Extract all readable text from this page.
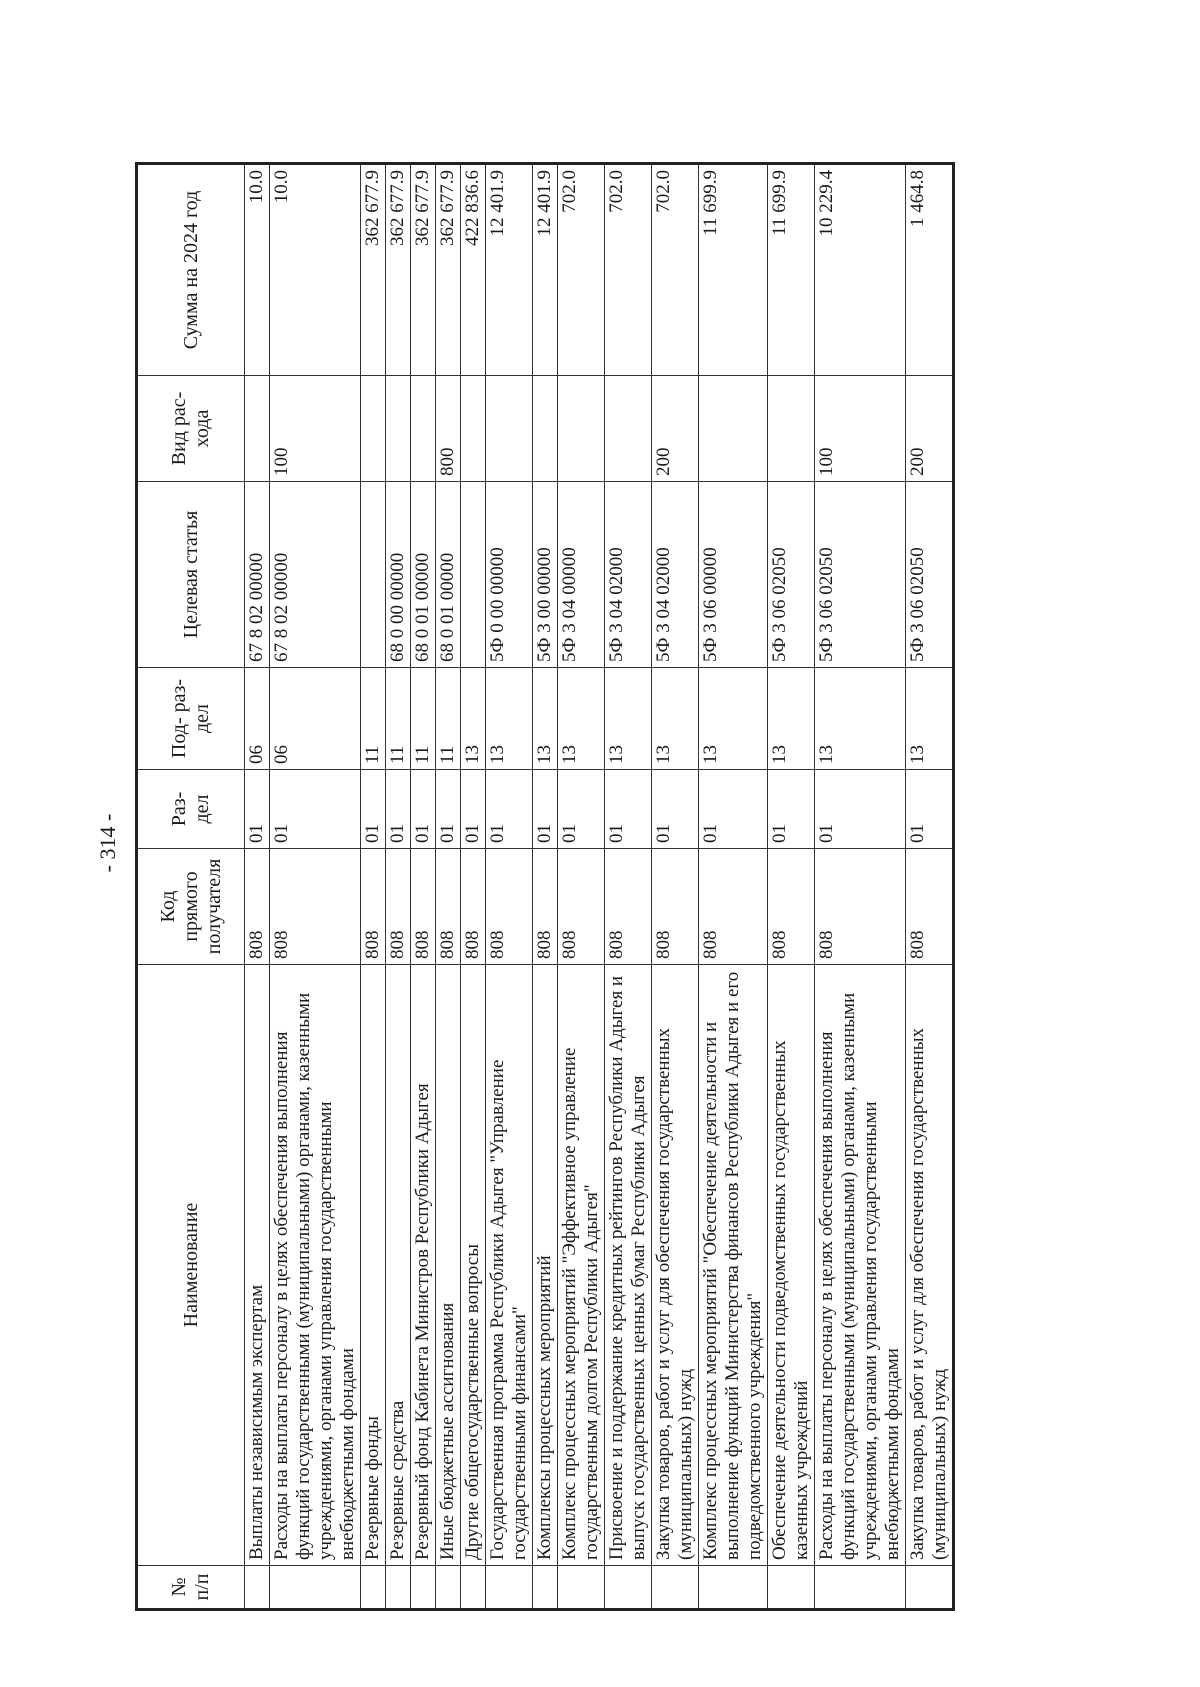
- 314 -
№
п/п	Наименование	Код прямого получателя	Раз- дел	Под- раз- дел	Целевая статья	Вид рас- хода	Сумма на 2024 год
	Выплаты независимым экспертам	808	01	06	67 8 02 00000		10.0
	Расходы на выплаты персоналу в целях обеспечения выполнения функций государственными (муниципальными) органами, казенными учреждениями, органами управления государственными внебюджетными фондами	808	01	06	67 8 02 00000	100	10.0
	Резервные фонды	808	01	11			362 677.9
	Резервные средства	808	01	11	68 0 00 00000		362 677.9
	Резервный фонд Кабинета Министров Республики Адыгея	808	01	11	68 0 01 00000		362 677.9
	Иные бюджетные ассигнования	808	01	11	68 0 01 00000	800	362 677.9
	Другие общегосударственные вопросы	808	01	13			422 836.6
	Государственная программа Республики Адыгея "Управление государственными финансами"	808	01	13	5Ф 0 00 00000		12 401.9
	Комплексы процессных мероприятий	808	01	13	5Ф 3 00 00000		12 401.9
	Комплекс процессных мероприятий "Эффективное управление государственным долгом Республики Адыгея"	808	01	13	5Ф 3 04 00000		702.0
	Присвоение и поддержание кредитных рейтингов Республики Адыгея и выпуск государственных ценных бумаг Республики Адыгея	808	01	13	5Ф 3 04 02000		702.0
	Закупка товаров, работ и услуг для обеспечения государственных (муниципальных) нужд	808	01	13	5Ф 3 04 02000	200	702.0
	Комплекс процессных мероприятий "Обеспечение деятельности и выполнение функций Министерства финансов Республики Адыгея и его подведомственного учреждения"	808	01	13	5Ф 3 06 00000		11 699.9
	Обеспечение деятельности подведомственных государственных казенных учреждений	808	01	13	5Ф 3 06 02050		11 699.9
	Расходы на выплаты персоналу в целях обеспечения выполнения функций государственными (муниципальными) органами, казенными учреждениями, органами управления государственными внебюджетными фондами	808	01	13	5Ф 3 06 02050	100	10 229.4
	Закупка товаров, работ и услуг для обеспечения государственных (муниципальных) нужд	808	01	13	5Ф 3 06 02050	200	1 464.8
